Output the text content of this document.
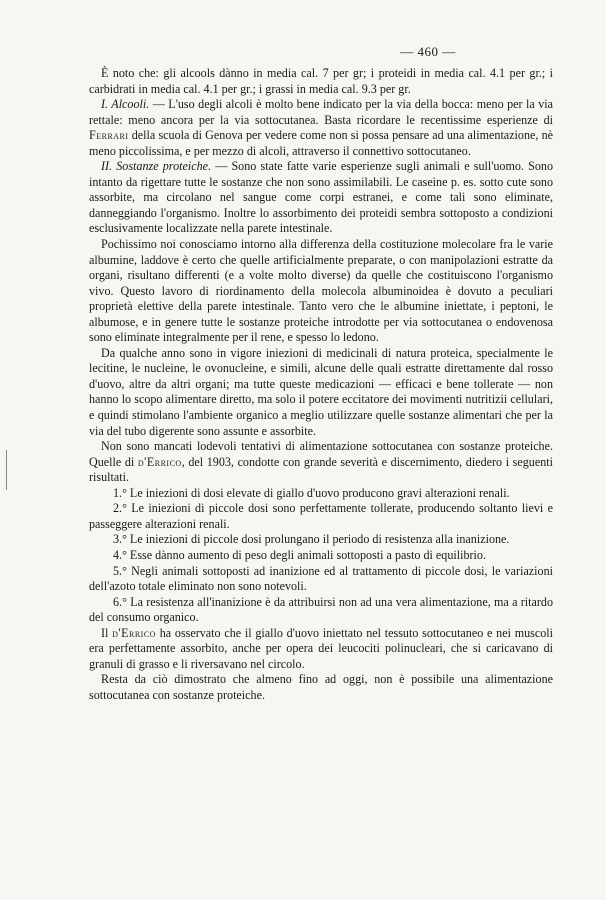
— 460 —

È noto che: gli alcools dànno in media cal. 7 per gr; i proteidi in media cal. 4.1 per gr.; i carbidrati in media cal. 4.1 per gr.; i grassi in media cal. 9.3 per gr.

I. Alcooli. — L'uso degli alcoli è molto bene indicato per la via della bocca: meno per la via rettale: meno ancora per la via sottocutanea. Basta ricordare le recentissime esperienze di Ferrari della scuola di Genova per vedere come non si possa pensare ad una alimentazione, nè meno piccolissima, e per mezzo di alcoli, attraverso il connettivo sottocutaneo.

II. Sostanze proteiche. — Sono state fatte varie esperienze sugli animali e sull'uomo. Sono intanto da rigettare tutte le sostanze che non sono assimilabili. Le caseine p. es. sotto cute sono assorbite, ma circolano nel sangue come corpi estranei, e come tali sono eliminate, danneggiando l'organismo. Inoltre lo assorbimento dei proteidi sembra sottoposto a condizioni esclusivamente localizzate nella parete intestinale.

Pochissimo noi conosciamo intorno alla differenza della costituzione molecolare fra le varie albumine, laddove è certo che quelle artificialmente preparate, o con manipolazioni estratte da organi, risultano differenti (e a volte molto diverse) da quelle che costituiscono l'organismo vivo. Questo lavoro di riordinamento della molecola albuminoidea è dovuto a peculiari proprietà elettive della parete intestinale. Tanto vero che le albumine iniettate, i peptoni, le albumose, e in genere tutte le sostanze proteiche introdotte per via sottocutanea o endovenosa sono eliminate integralmente per il rene, e spesso lo ledono.

Da qualche anno sono in vigore iniezioni di medicinali di natura proteica, specialmente le lecitine, le nucleine, le ovonucleine, e simili, alcune delle quali estratte direttamente dal rosso d'uovo, altre da altri organi; ma tutte queste medicazioni — efficaci e bene tollerate — non hanno lo scopo alimentare diretto, ma solo il potere eccitatore dei movimenti nutritizii cellulari, e quindi stimolano l'ambiente organico a meglio utilizzare quelle sostanze alimentari che per la via del tubo digerente sono assunte e assorbite.

Non sono mancati lodevoli tentativi di alimentazione sottocutanea con sostanze proteiche. Quelle di d'Errico, del 1903, condotte con grande severità e discernimento, diedero i seguenti risultati.

1.° Le iniezioni di dosi elevate di giallo d'uovo producono gravi alterazioni renali.

2.° Le iniezioni di piccole dosi sono perfettamente tollerate, producendo soltanto lievi e passeggere alterazioni renali.

3.° Le iniezioni di piccole dosi prolungano il periodo di resistenza alla inanizione.

4.° Esse dànno aumento di peso degli animali sottoposti a pasto di equilibrio.

5.° Negli animali sottoposti ad inanizione ed al trattamento di piccole dosi, le variazioni dell'azoto totale eliminato non sono notevoli.

6.° La resistenza all'inanizione è da attribuirsi non ad una vera alimentazione, ma a ritardo del consumo organico.

Il d'Errico ha osservato che il giallo d'uovo iniettato nel tessuto sottocutaneo e nei muscoli era perfettamente assorbito, anche per opera dei leucociti polinucleari, che si caricavano di granuli di grasso e li riversavano nel circolo.

Resta da ciò dimostrato che almeno fino ad oggi, non è possibile una alimentazione sottocutanea con sostanze proteiche.
